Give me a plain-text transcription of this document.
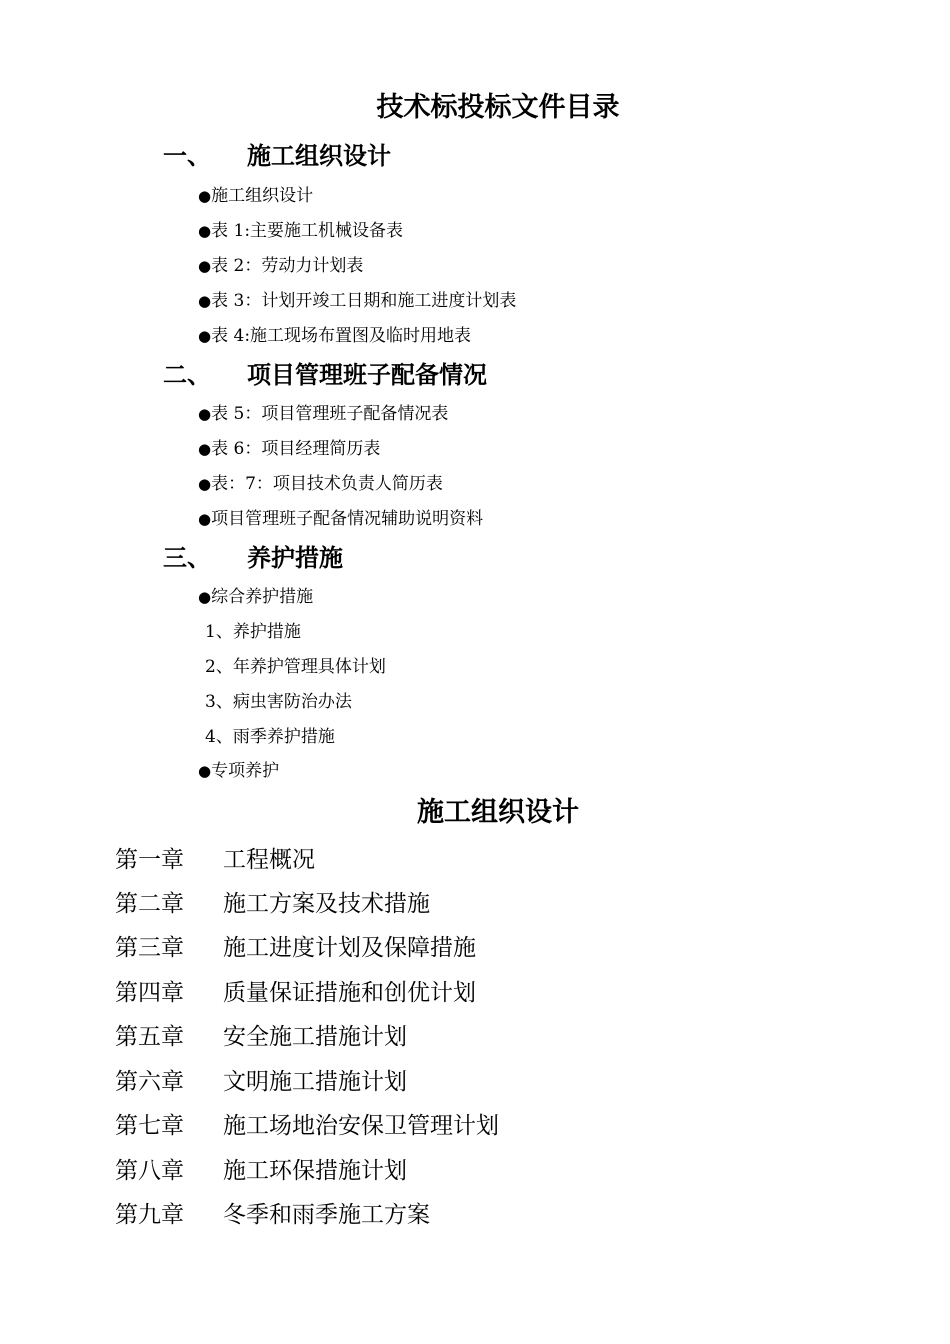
技术标投标文件目录
一、 施工组织设计
●施工组织设计
●表 1:主要施工机械设备表
●表 2：劳动力计划表
●表 3：计划开竣工日期和施工进度计划表
●表 4:施工现场布置图及临时用地表
二、 项目管理班子配备情况
●表 5：项目管理班子配备情况表
●表 6：项目经理简历表
●表：7：项目技术负责人简历表
●项目管理班子配备情况辅助说明资料
三、 养护措施
●综合养护措施
1、养护措施
2、年养护管理具体计划
3、病虫害防治办法
4、雨季养护措施
●专项养护
施工组织设计
第一章 工程概况
第二章 施工方案及技术措施
第三章 施工进度计划及保障措施
第四章 质量保证措施和创优计划
第五章 安全施工措施计划
第六章 文明施工措施计划
第七章 施工场地治安保卫管理计划
第八章 施工环保措施计划
第九章 冬季和雨季施工方案
